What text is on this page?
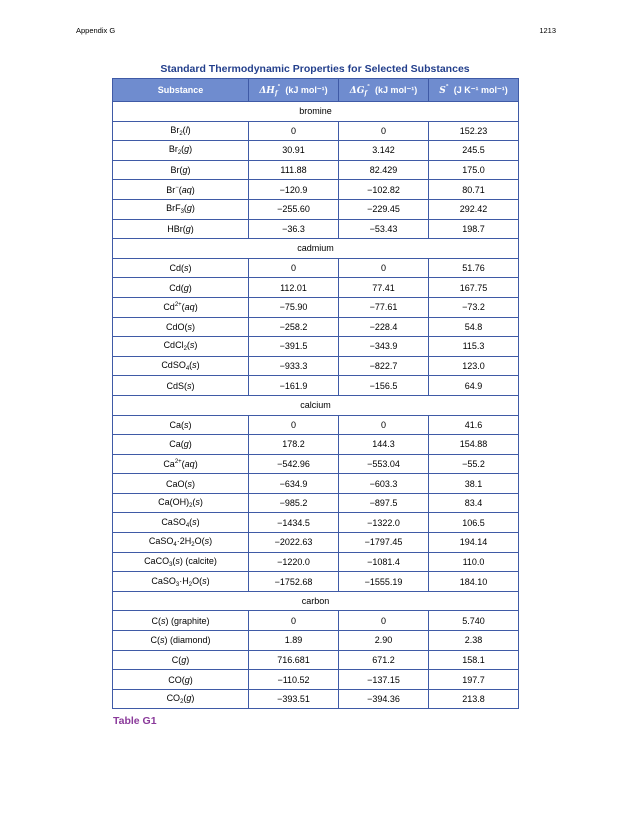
Appendix G	1213
Standard Thermodynamic Properties for Selected Substances
Substance	$\Delta H_f^\circ$ (kJ mol⁻¹)	$\Delta G_f^\circ$ (kJ mol⁻¹)	S° (J K⁻¹ mol⁻¹)
bromine			
$Br_2(l)$	0	0	152.23
$Br_2(g)$	30.91	3.142	245.5
Br(g)	111.88	82.429	175.0
Br−(aq)	−120.9	−102.82	80.71
BrF$_3$(g)	−255.60	−229.45	292.42
HBr(g)	−36.3	−53.43	198.7
cadmium			
Cd(s)	0	0	51.76
Cd(g)	112.01	77.41	167.75
$Cd^{2+}(aq)$	−75.90	−77.61	−73.2
CdO(s)	−258.2	−228.4	54.8
CdCl$_2$(s)	−391.5	−343.9	115.3
CdSO$_4$(s)	−933.3	−822.7	123.0
CdS(s)	−161.9	−156.5	64.9
calcium			
Ca(s)	0	0	41.6
Ca(g)	178.2	144.3	154.88
$Ca^{2+}(aq)$	−542.96	−553.04	−55.2
CaO(s)	−634.9	−603.3	38.1
$Ca(OH)_2(s)$	−985.2	−897.5	83.4
CaSO$_4$(s)	−1434.5	−1322.0	106.5
$CaSO_4\cdot 2H_2O(s)$	−2022.63	−1797.45	194.14
CaCO$_3$(s) (calcite)	−1220.0	−1081.4	110.0
$CaSO_3\cdot H_2O(s)$	−1752.68	−1555.19	184.10
carbon			
C(s) (graphite)	0	0	5.740
C(s) (diamond)	1.89	2.90	2.38
C(g)	716.681	671.2	158.1
CO(g)	−110.52	−137.15	197.7
$CO_2(g)$	−393.51	−394.36	213.8
Table G1
